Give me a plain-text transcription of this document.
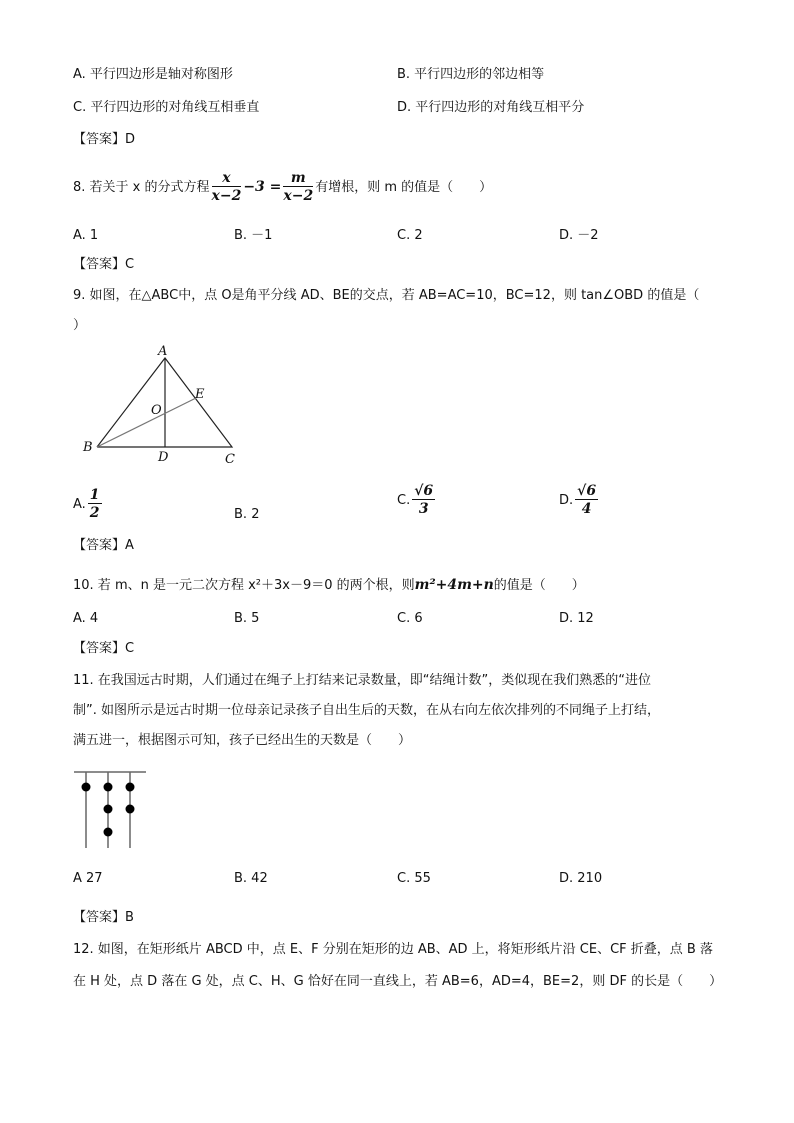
A. 平行四边形是轴对称图形	B. 平行四边形的邻边相等
C. 平行四边形的对角线互相垂直	D. 平行四边形的对角线互相平分
【答案】D
8. 若关于 x 的分式方程 $\frac{x}{x-2} -3 = \frac{m}{x-2}$ 有增根，则 m 的值是（　　）
A. 1	B. －1	C. 2	D. －2
【答案】C
9. 如图，在△ABC中，点 O是角平分线 AD、BE的交点，若 AB=AC=10，BC=12，则 tan∠OBD 的值是（
）
A
B
C
D
E
O
A. $\frac{1}{2}$	B. 2
C. $\frac{√6}{3}$	D. $\frac{√6}{4}$
【答案】A
10. 若 m、n 是一元二次方程 x²＋3x－9＝0 的两个根，则m²+4m+n的值是（　　）
A. 4	B. 5	C. 6	D. 12
【答案】C
11. 在我国远古时期，人们通过在绳子上打结来记录数量，即“结绳计数”，类似现在我们熟悉的“进位
制”. 如图所示是远古时期一位母亲记录孩子自出生后的天数，在从右向左依次排列的不同绳子上打结，
满五进一，根据图示可知，孩子已经出生的天数是（　　）
A 27	B. 42	C. 55	D. 210
【答案】B
12. 如图，在矩形纸片 ABCD 中，点 E、F 分别在矩形的边 AB、AD 上，将矩形纸片沿 CE、CF 折叠，点 B 落
在 H 处，点 D 落在 G 处，点 C、H、G 恰好在同一直线上，若 AB=6，AD=4，BE=2，则 DF 的长是（　　）
